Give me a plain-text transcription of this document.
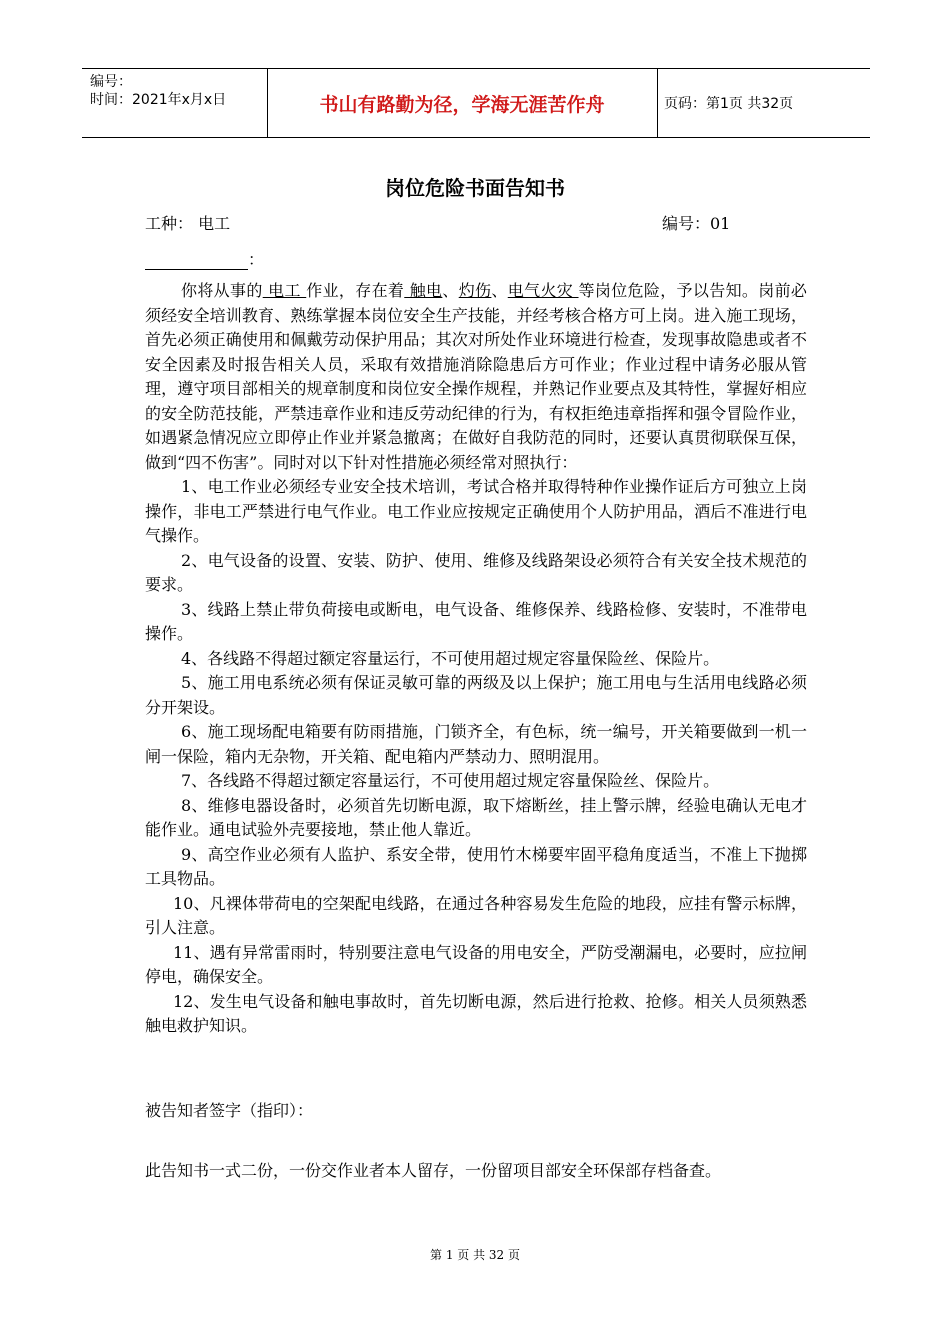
编号：
时间：2021年x月x日	书山有路勤为径，学海无涯苦作舟	页码：第1页 共32页
岗位危险书面告知书
工种： 电工	编号：01
：

你将从事的 电工 作业，存在着 触电、灼伤、电气火灾 等岗位危险，予以告知。岗前必须经安全培训教育、熟练掌握本岗位安全生产技能，并经考核合格方可上岗。进入施工现场，首先必须正确使用和佩戴劳动保护用品；其次对所处作业环境进行检查，发现事故隐患或者不安全因素及时报告相关人员，采取有效措施消除隐患后方可作业；作业过程中请务必服从管理，遵守项目部相关的规章制度和岗位安全操作规程，并熟记作业要点及其特性，掌握好相应的安全防范技能，严禁违章作业和违反劳动纪律的行为，有权拒绝违章指挥和强令冒险作业，如遇紧急情况应立即停止作业并紧急撤离；在做好自我防范的同时，还要认真贯彻联保互保，做到“四不伤害”。同时对以下针对性措施必须经常对照执行：

1、电工作业必须经专业安全技术培训，考试合格并取得特种作业操作证后方可独立上岗操作，非电工严禁进行电气作业。电工作业应按规定正确使用个人防护用品，酒后不准进行电气操作。

2、电气设备的设置、安装、防护、使用、维修及线路架设必须符合有关安全技术规范的要求。

3、线路上禁止带负荷接电或断电，电气设备、维修保养、线路检修、安装时，不准带电操作。

4、各线路不得超过额定容量运行，不可使用超过规定容量保险丝、保险片。

5、施工用电系统必须有保证灵敏可靠的两级及以上保护；施工用电与生活用电线路必须分开架设。

6、施工现场配电箱要有防雨措施，门锁齐全，有色标，统一编号，开关箱要做到一机一闸一保险，箱内无杂物，开关箱、配电箱内严禁动力、照明混用。

7、各线路不得超过额定容量运行，不可使用超过规定容量保险丝、保险片。

8、维修电器设备时，必须首先切断电源，取下熔断丝，挂上警示牌，经验电确认无电才能作业。通电试验外壳要接地，禁止他人靠近。

9、高空作业必须有人监护、系安全带，使用竹木梯要牢固平稳角度适当，不准上下抛掷工具物品。

10、凡裸体带荷电的空架配电线路，在通过各种容易发生危险的地段，应挂有警示标牌，引人注意。

11、遇有异常雷雨时，特别要注意电气设备的用电安全，严防受潮漏电，必要时，应拉闸停电，确保安全。

12、发生电气设备和触电事故时，首先切断电源，然后进行抢救、抢修。相关人员须熟悉触电救护知识。

被告知者签字（指印）：
此告知书一式二份，一份交作业者本人留存，一份留项目部安全环保部存档备查。
第 1 页 共 32 页
